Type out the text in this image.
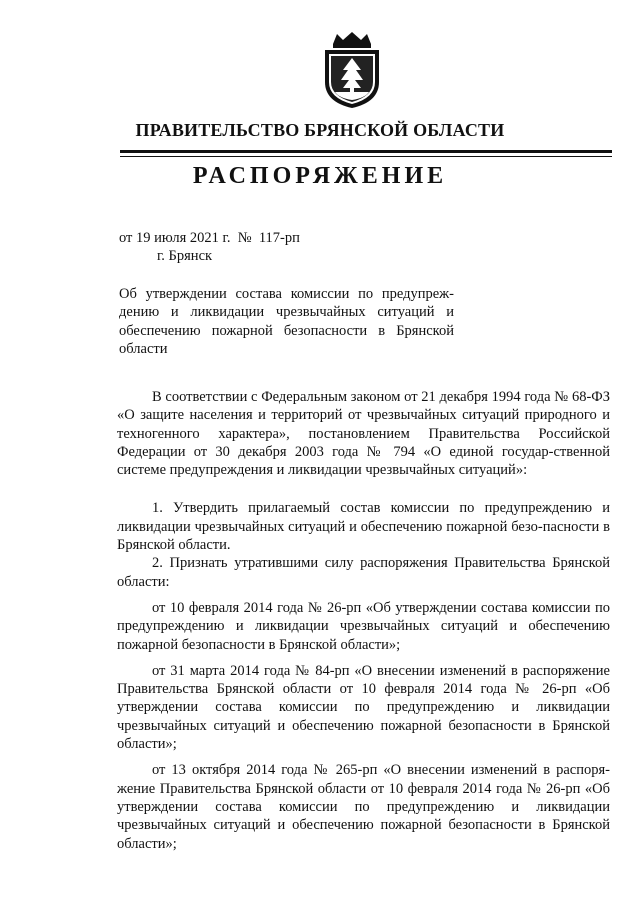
ПРАВИТЕЛЬСТВО БРЯНСКОЙ ОБЛАСТИ
РАСПОРЯЖЕНИЕ
от 19 июля 2021 г. № 117-рп
г. Брянск
Об утверждении состава комиссии по предупреж-дению и ликвидации чрезвычайных ситуаций и обеспечению пожарной безопасности в Брянской области

В соответствии с Федеральным законом от 21 декабря 1994 года № 68-ФЗ «О защите населения и территорий от чрезвычайных ситуаций природного и техногенного характера», постановлением Правительства Российской Федерации от 30 декабря 2003 года № 794 «О единой государ-ственной системе предупреждения и ликвидации чрезвычайных ситуаций»:

1. Утвердить прилагаемый состав комиссии по предупреждению и ликвидации чрезвычайных ситуаций и обеспечению пожарной безо-пасности в Брянской области.

2. Признать утратившими силу распоряжения Правительства Брянской области:

от 10 февраля 2014 года № 26-рп «Об утверждении состава комиссии по предупреждению и ликвидации чрезвычайных ситуаций и обеспечению пожарной безопасности в Брянской области»;

от 31 марта 2014 года № 84-рп «О внесении изменений в распоряжение Правительства Брянской области от 10 февраля 2014 года № 26-рп «Об утверждении состава комиссии по предупреждению и ликвидации чрезвычайных ситуаций и обеспечению пожарной безопасности в Брянской области»;

от 13 октября 2014 года № 265-рп «О внесении изменений в распоря-жение Правительства Брянской области от 10 февраля 2014 года № 26-рп «Об утверждении состава комиссии по предупреждению и ликвидации чрезвычайных ситуаций и обеспечению пожарной безопасности в Брянской области»;
